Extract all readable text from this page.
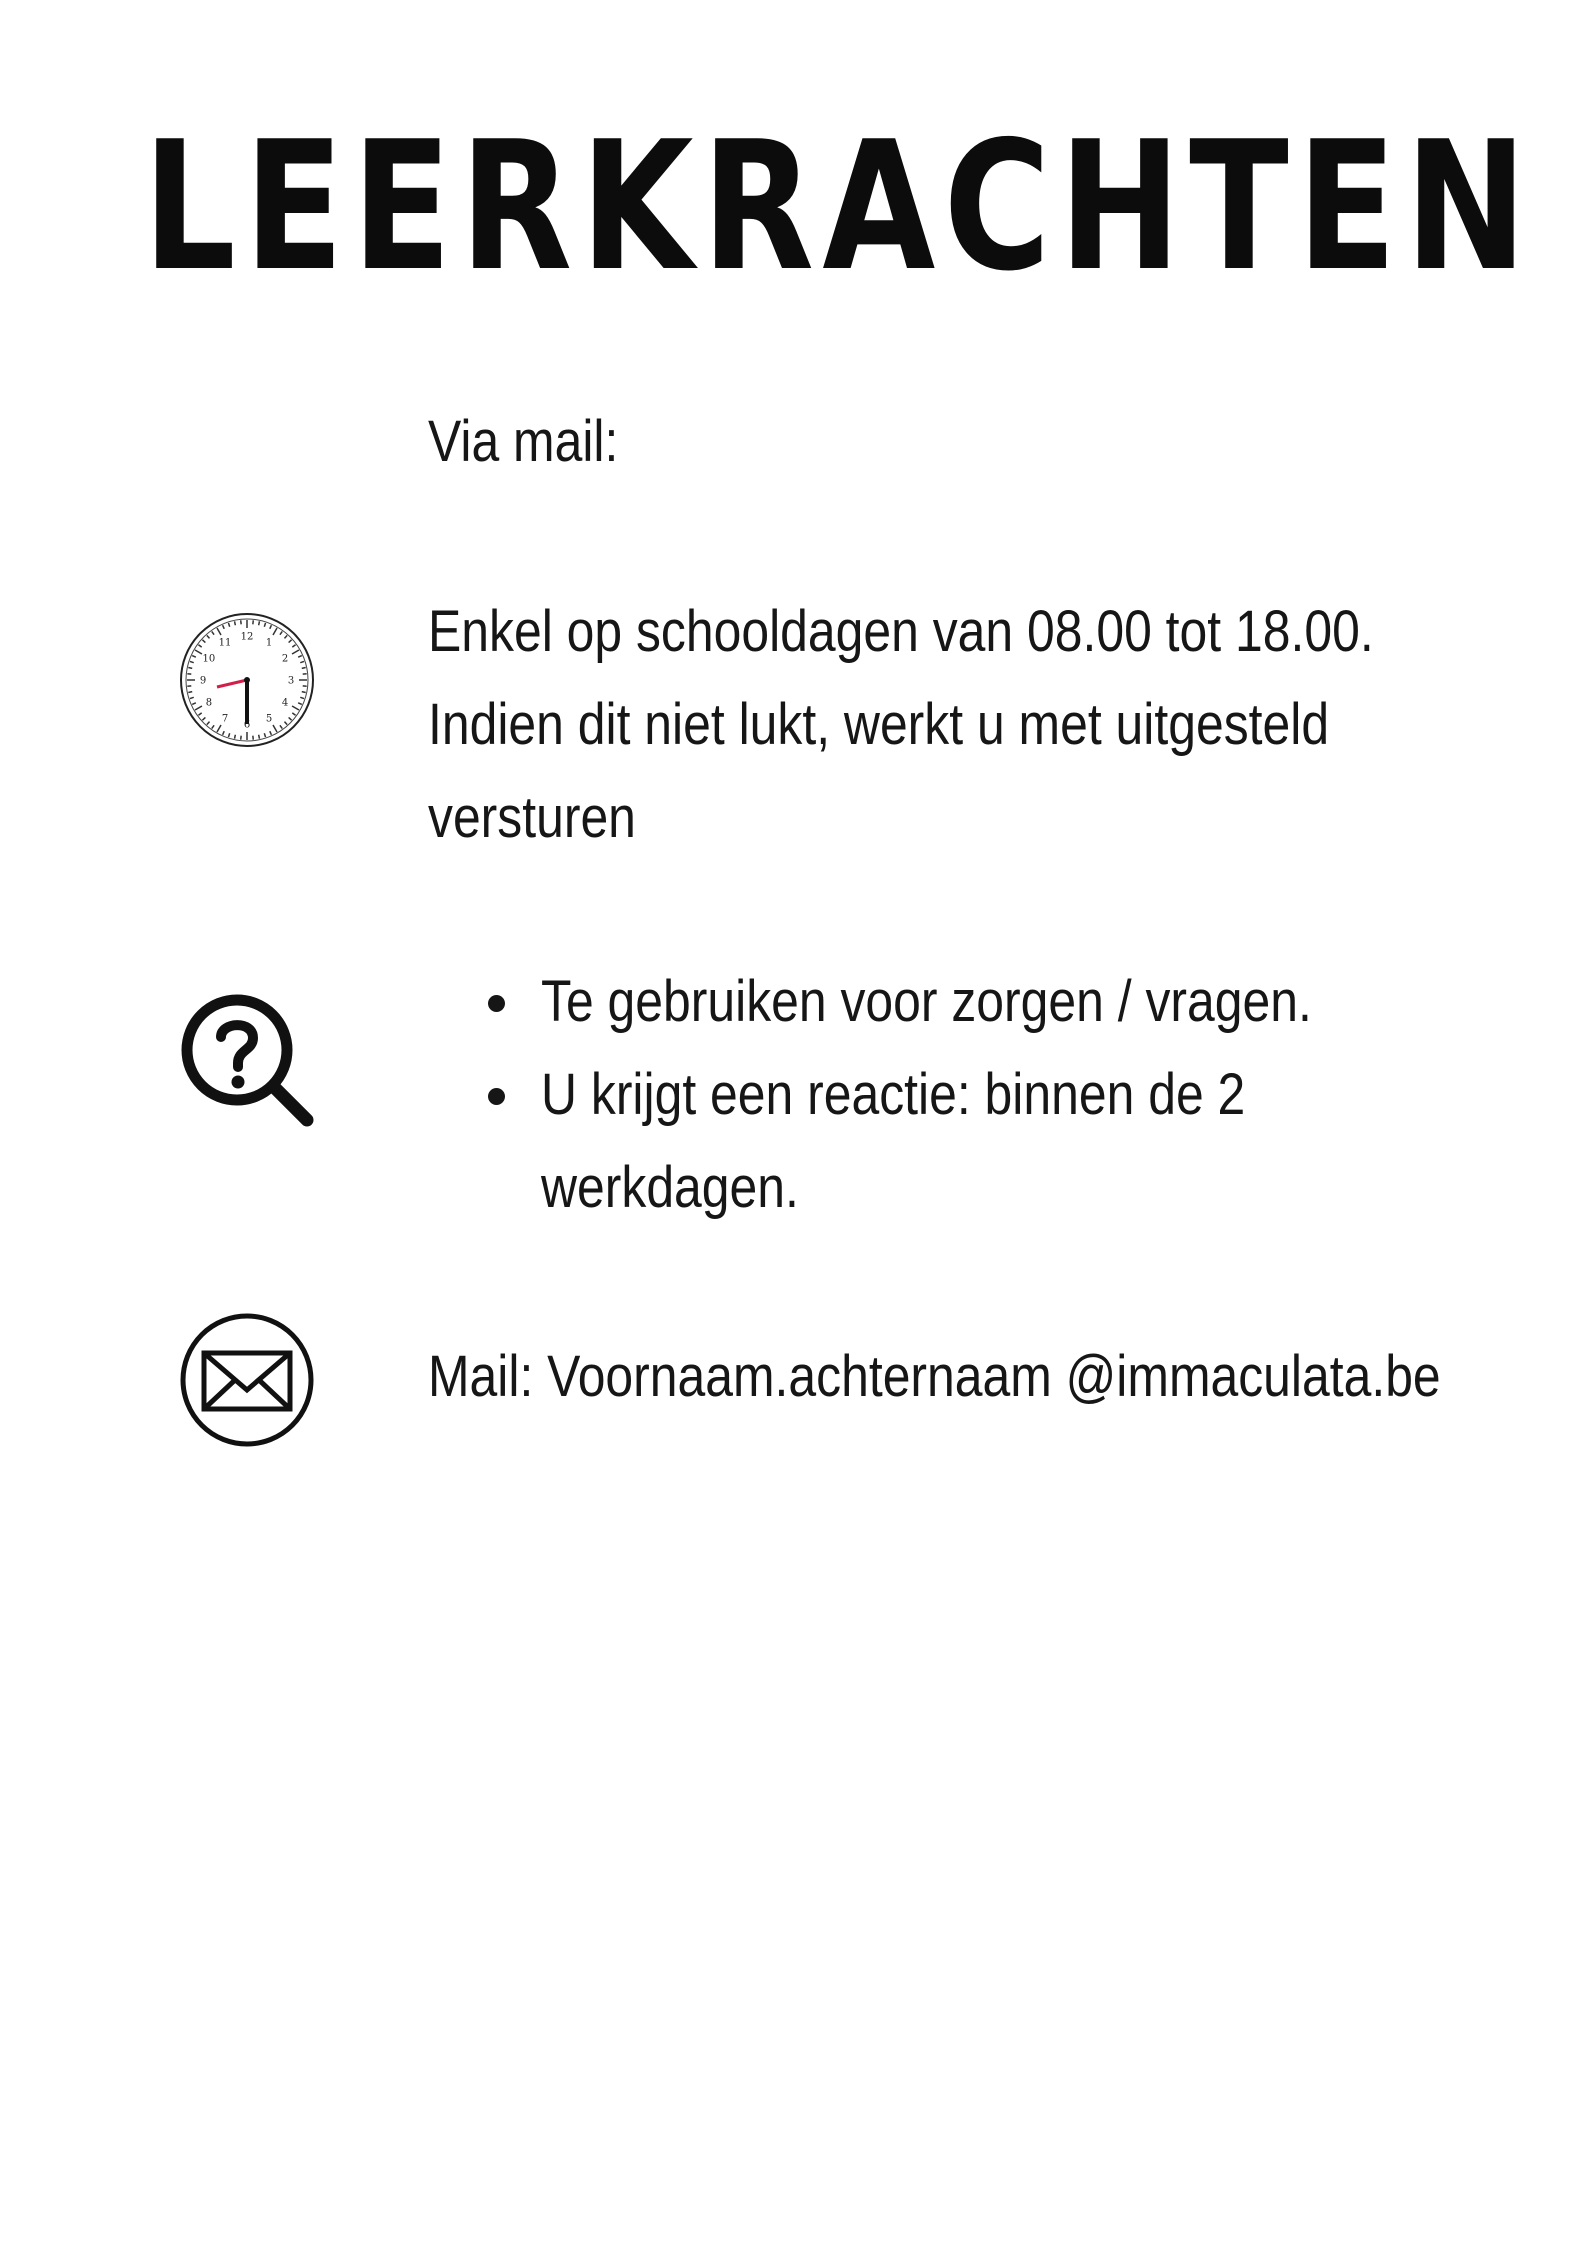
LEERKRACHTEN
Via mail:
1
2
3
4
5
6
7
8
9
10
11
12	Enkel op schooldagen van 08.00 tot 18.00.
Indien dit niet lukt, werkt u met uitgesteld
versturen
Te gebruiken voor zorgen / vragen.
U krijgt een reactie: binnen de 2
werkdagen.
Mail: Voornaam.achternaam @immaculata.be
